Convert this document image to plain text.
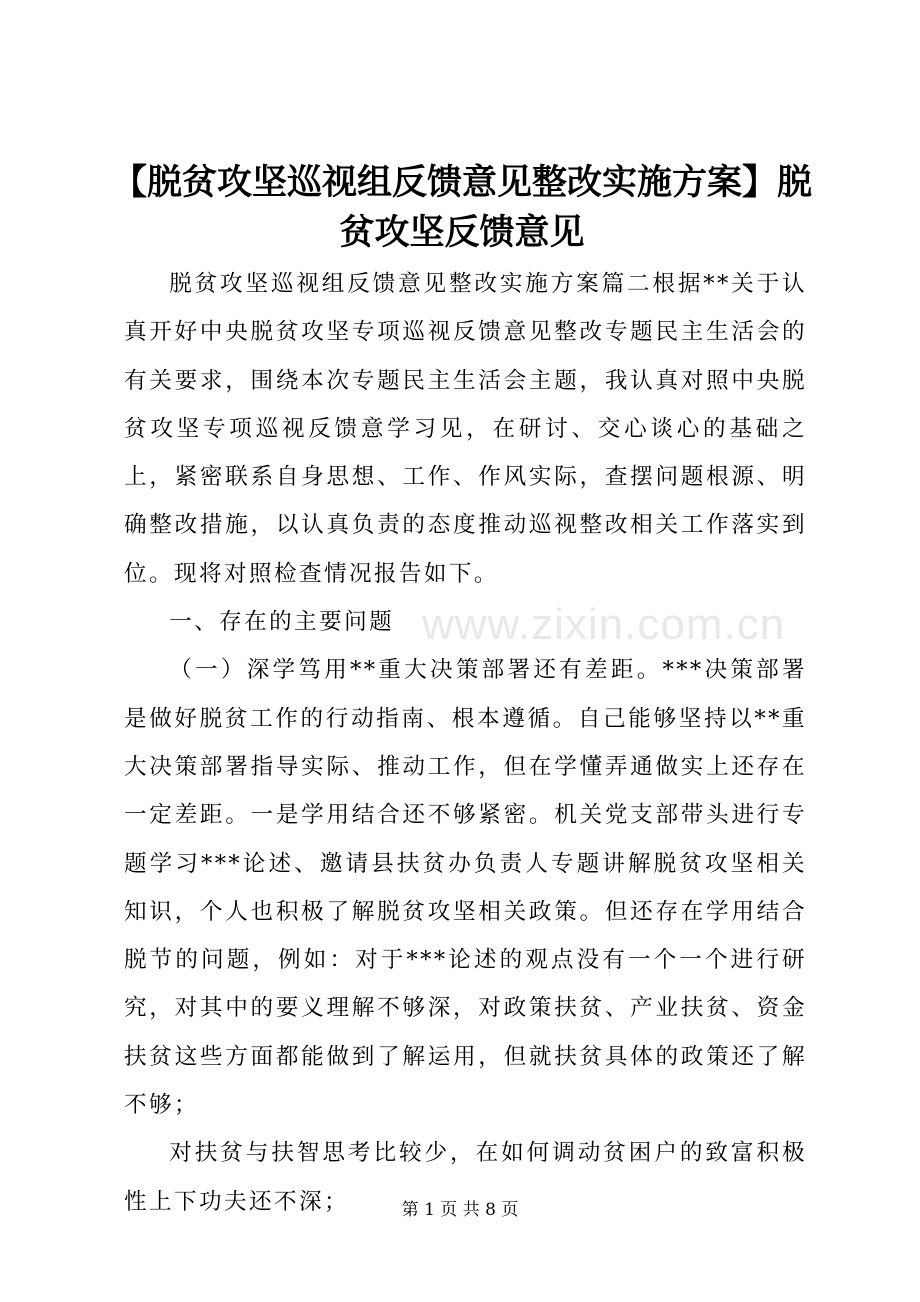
【脱贫攻坚巡视组反馈意见整改实施方案】脱
贫攻坚反馈意见

脱贫攻坚巡视组反馈意见整改实施方案篇二根据**关于认真开好中央脱贫攻坚专项巡视反馈意见整改专题民主生活会的有关要求，围绕本次专题民主生活会主题，我认真对照中央脱贫攻坚专项巡视反馈意学习见，在研讨、交心谈心的基础之上，紧密联系自身思想、工作、作风实际，查摆问题根源、明确整改措施，以认真负责的态度推动巡视整改相关工作落实到位。现将对照检查情况报告如下。

一、存在的主要问题

（一）深学笃用**重大决策部署还有差距。***决策部署是做好脱贫工作的行动指南、根本遵循。自己能够坚持以**重大决策部署指导实际、推动工作，但在学懂弄通做实上还存在一定差距。一是学用结合还不够紧密。机关党支部带头进行专题学习***论述、邀请县扶贫办负责人专题讲解脱贫攻坚相关知识，个人也积极了解脱贫攻坚相关政策。但还存在学用结合脱节的问题，例如：对于***论述的观点没有一个一个进行研究，对其中的要义理解不够深，对政策扶贫、产业扶贫、资金扶贫这些方面都能做到了解运用，但就扶贫具体的政策还了解不够；

对扶贫与扶智思考比较少，在如何调动贫困户的致富积极性上下功夫还不深；

www.zixin.com.cn
第 1 页 共 8 页
